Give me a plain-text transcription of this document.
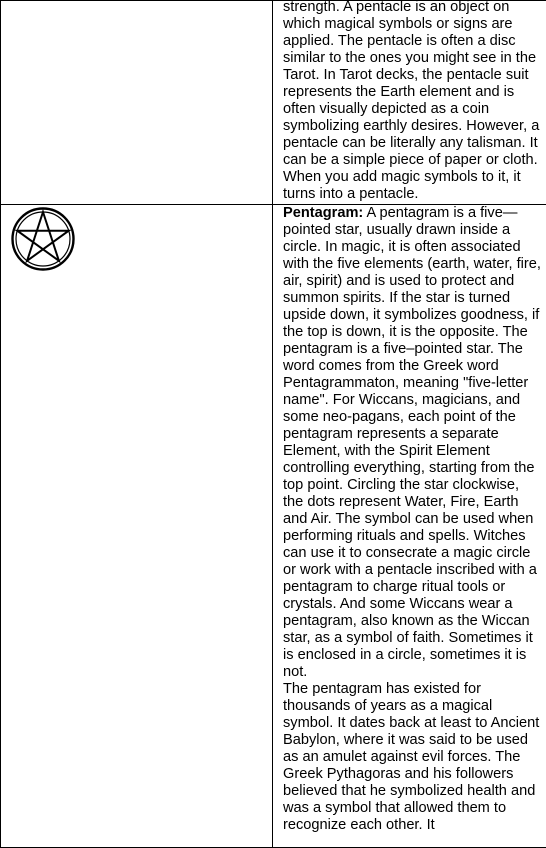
	strength. A pentacle is an object on which magical symbols or signs are applied. The pentacle is often a disc similar to the ones you might see in the Tarot. In Tarot decks, the pentacle suit represents the Earth element and is often visually depicted as a coin symbolizing earthly desires. However, a pentacle can be literally any talisman. It can be a simple piece of paper or cloth. When you add magic symbols to it, it turns into a pentacle.

Pentagram: A pentagram is a five—pointed star, usually drawn inside a circle. In magic, it is often associated with the five elements (earth, water, fire, air, spirit) and is used to protect and summon spirits. If the star is turned upside down, it symbolizes goodness, if the top is down, it is the opposite. The pentagram is a five–pointed star. The word comes from the Greek word Pentagrammaton, meaning "five-letter name". For Wiccans, magicians, and some neo-pagans, each point of the pentagram represents a separate Element, with the Spirit Element controlling everything, starting from the top point. Circling the star clockwise, the dots represent Water, Fire, Earth and Air. The symbol can be used when performing rituals and spells. Witches can use it to consecrate a magic circle or work with a pentacle inscribed with a pentagram to charge ritual tools or crystals. And some Wiccans wear a pentagram, also known as the Wiccan star, as a symbol of faith. Sometimes it is enclosed in a circle, sometimes it is not.

The pentagram has existed for thousands of years as a magical symbol. It dates back at least to Ancient Babylon, where it was said to be used as an amulet against evil forces. The Greek Pythagoras and his followers believed that he symbolized health and was a symbol that allowed them to recognize each other. It
